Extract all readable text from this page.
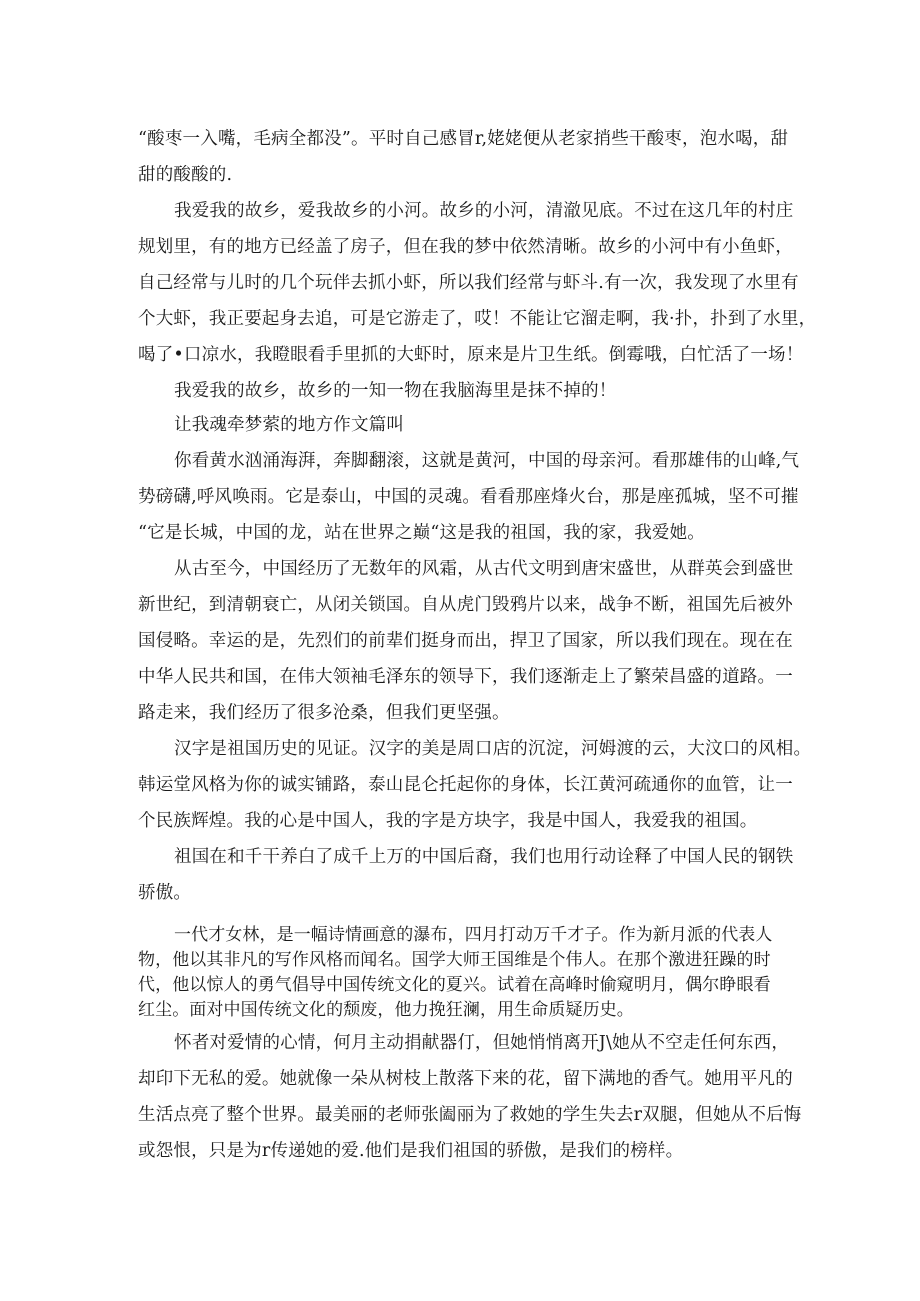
“酸枣一入嘴，毛病全都没”。平时自己感冒r,姥姥便从老家捎些干酸枣，泡水喝，甜
甜的酸酸的.
我爱我的故乡，爱我故乡的小河。故乡的小河，清澈见底。不过在这几年的村庄
规划里，有的地方已经盖了房子，但在我的梦中依然清晰。故乡的小河中有小鱼虾，
自己经常与儿时的几个玩伴去抓小虾，所以我们经常与虾斗.有一次，我发现了水里有
个大虾，我正要起身去追，可是它游走了，哎！不能让它溜走啊，我·扑，扑到了水里，
喝了•口凉水，我瞪眼看手里抓的大虾时，原来是片卫生纸。倒霉哦，白忙活了一场！
我爱我的故乡，故乡的一知一物在我脑海里是抹不掉的！
让我魂牵梦萦的地方作文篇叫
你看黄水汹涌海湃，奔脚翻滚，这就是黄河，中国的母亲河。看那雄伟的山峰,气
势磅礴,呼风唤雨。它是泰山，中国的灵魂。看看那座烽火台，那是座孤城，坚不可摧
“它是长城，中国的龙，站在世界之巅“这是我的祖国，我的家，我爱她。
从古至今，中国经历了无数年的风霜，从古代文明到唐宋盛世，从群英会到盛世
新世纪，到清朝衰亡，从闭关锁国。自从虎门毁鸦片以来，战争不断，祖国先后被外
国侵略。幸运的是，先烈们的前辈们挺身而出，捍卫了国家，所以我们现在。现在在
中华人民共和国，在伟大领袖毛泽东的领导下，我们逐渐走上了繁荣昌盛的道路。一
路走来，我们经历了很多沧桑，但我们更坚强。
汉字是祖国历史的见证。汉字的美是周口店的沉淀，河姆渡的云，大汶口的风相。
韩运堂风格为你的诚实铺路，泰山昆仑托起你的身体，长江黄河疏通你的血管，让一
个民族辉煌。我的心是中国人，我的字是方块字，我是中国人，我爱我的祖国。
祖国在和千干养白了成千上万的中国后裔，我们也用行动诠释了中国人民的钢铁
骄傲。
一代才女林，是一幅诗情画意的瀑布，四月打动万千才子。作为新月派的代表人
物，他以其非凡的写作风格而闻名。国学大师王国维是个伟人。在那个激进狂躁的时
代，他以惊人的勇气倡导中国传统文化的夏兴。试着在高峰时偷窥明月，偶尔睁眼看
红尘。面对中国传统文化的颓废，他力挽狂澜，用生命质疑历史。
怀者对爱情的心情，何月主动捐献器仃，但她悄悄离开J\她从不空走任何东西，
却印下无私的爱。她就像一朵从树枝上散落下来的花，留下满地的香气。她用平凡的
生活点亮了整个世界。最美丽的老师张阖丽为了救她的学生失去r双腿，但她从不后悔
或怨恨，只是为r传递她的爱.他们是我们祖国的骄傲，是我们的榜样。
